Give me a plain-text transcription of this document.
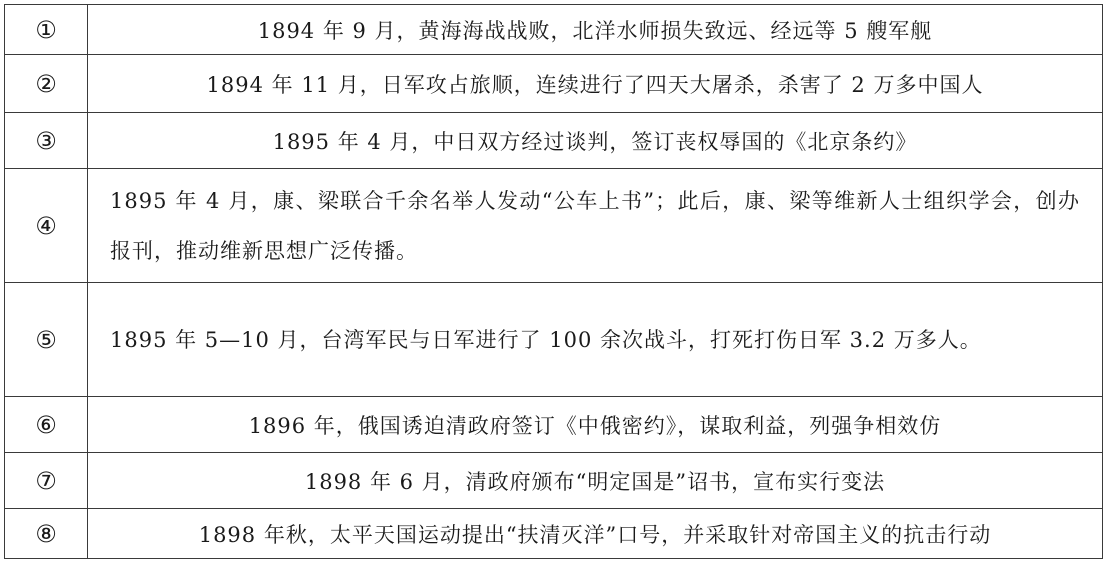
①	1894 年 9 月，黄海海战战败，北洋水师损失致远、经远等 5 艘军舰
②	1894 年 11 月，日军攻占旅顺，连续进行了四天大屠杀，杀害了 2 万多中国人
③	1895 年 4 月，中日双方经过谈判，签订丧权辱国的《北京条约》
④	1895 年 4 月，康、梁联合千余名举人发动“公车上书”；此后，康、梁等维新人士组织学会，创办报刊，推动维新思想广泛传播。
⑤	1895 年 5—10 月，台湾军民与日军进行了 100 余次战斗，打死打伤日军 3.2 万多人。
⑥	1896 年，俄国诱迫清政府签订《中俄密约》，谋取利益，列强争相效仿
⑦	1898 年 6 月，清政府颁布“明定国是”诏书，宣布实行变法
⑧	1898 年秋，太平天国运动提出“扶清灭洋”口号，并采取针对帝国主义的抗击行动
